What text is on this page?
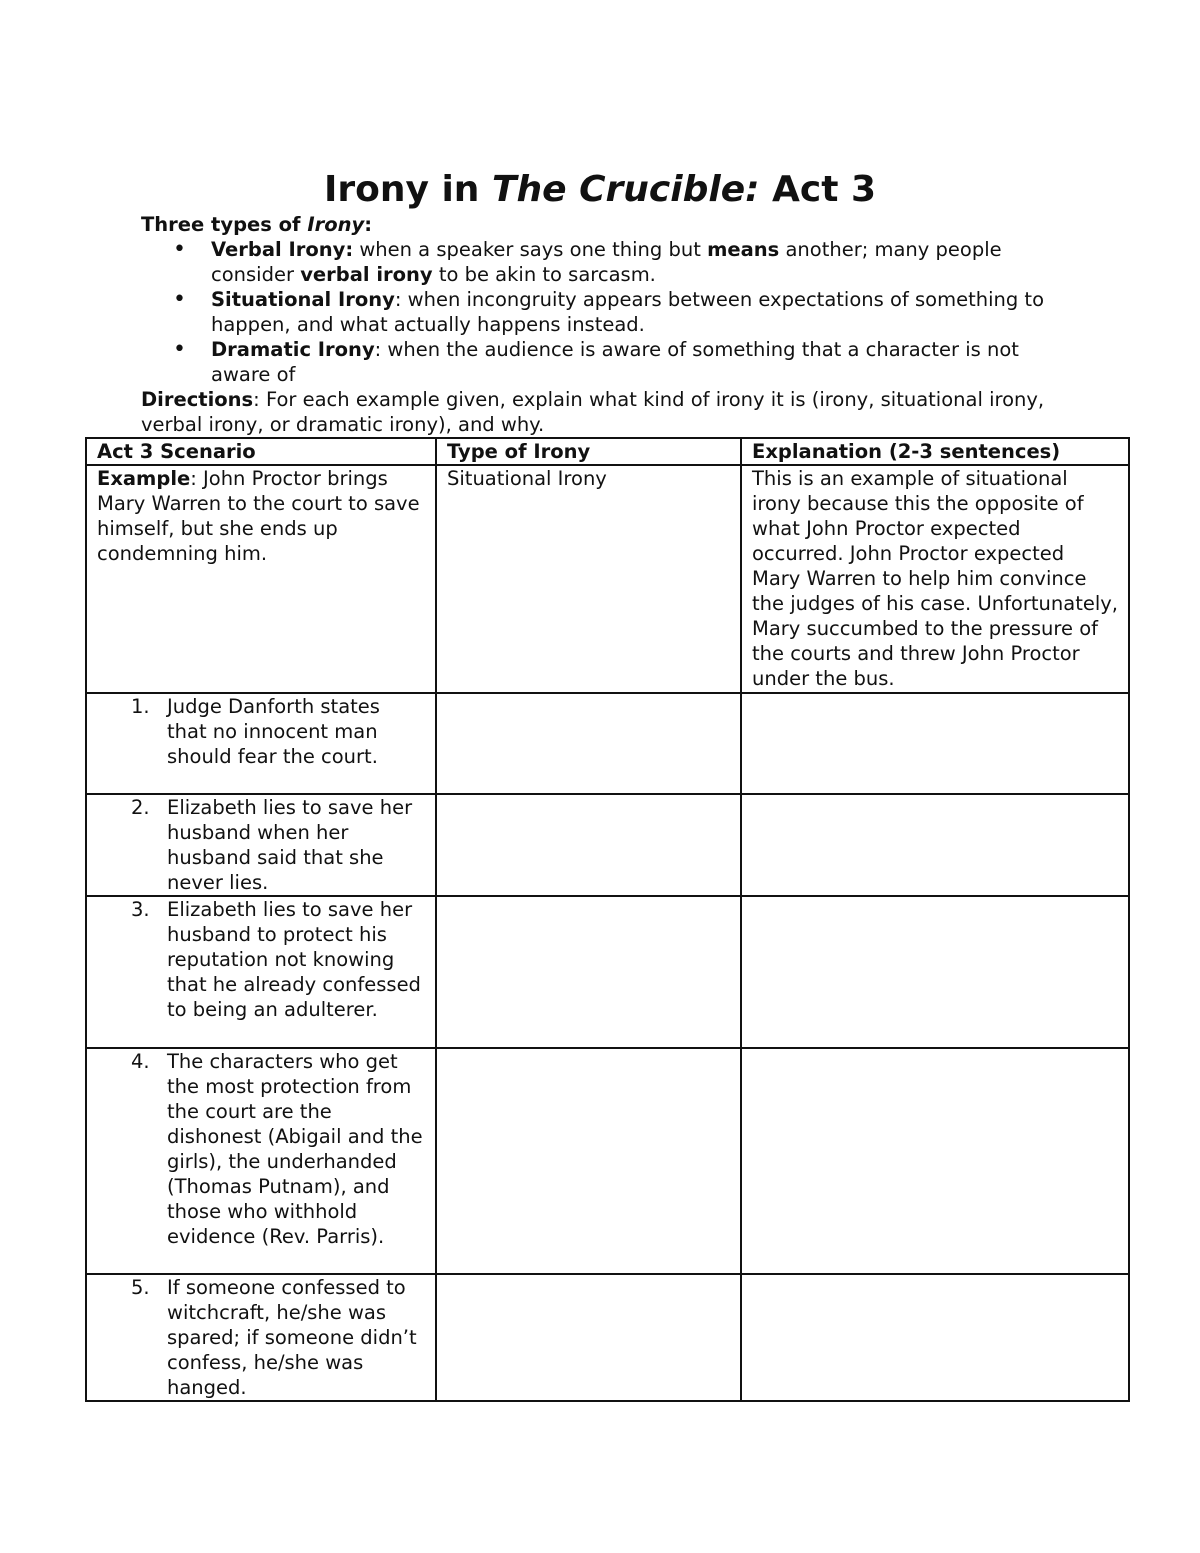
Irony in The Crucible: Act 3

Three types of Irony:

• Verbal Irony: when a speaker says one thing but means another; many people consider verbal irony to be akin to sarcasm.
• Situational Irony: when incongruity appears between expectations of something to happen, and what actually happens instead.
• Dramatic Irony: when the audience is aware of something that a character is not aware of

Directions: For each example given, explain what kind of irony it is (irony, situational irony, verbal irony, or dramatic irony), and why.

Act 3 Scenario	Type of Irony	Explanation (2-3 sentences)
Example: John Proctor brings Mary Warren to the court to save himself, but she ends up condemning him.	Situational Irony	This is an example of situational irony because this the opposite of what John Proctor expected occurred. John Proctor expected Mary Warren to help him convince the judges of his case. Unfortunately, Mary succumbed to the pressure of the courts and threw John Proctor under the bus.

1. Judge Danforth states that no innocent man should fear the court.		

2. Elizabeth lies to save her husband when her husband said that she never lies.		

3. Elizabeth lies to save her husband to protect his reputation not knowing that he already confessed to being an adulterer.		

4. The characters who get the most protection from the court are the dishonest (Abigail and the girls), the underhanded (Thomas Putnam), and those who withhold evidence (Rev. Parris).		

5. If someone confessed to witchcraft, he/she was spared; if someone didn’t confess, he/she was hanged.		
